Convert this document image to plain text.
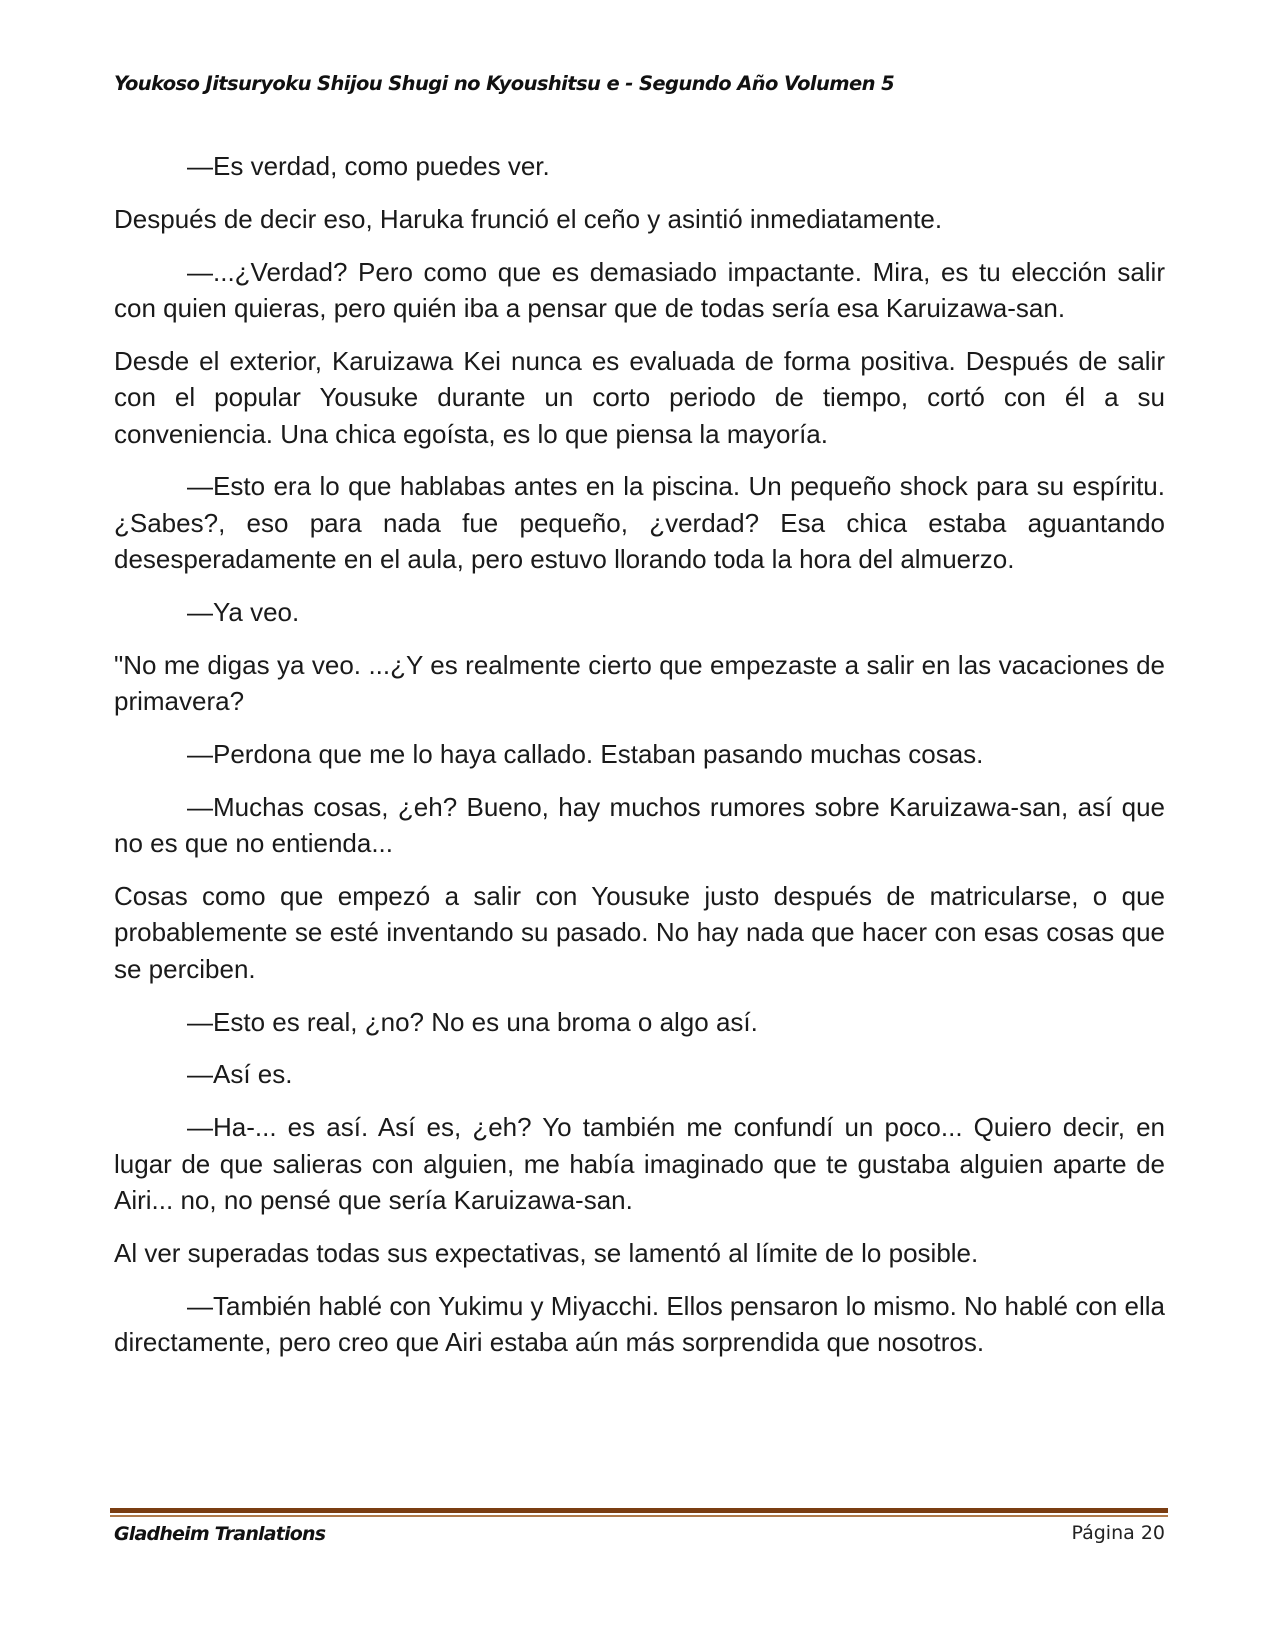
Youkoso Jitsuryoku Shijou Shugi no Kyoushitsu e - Segundo Año Volumen 5

—Es verdad, como puedes ver.

Después de decir eso, Haruka frunció el ceño y asintió inmediatamente.

—...¿Verdad? Pero como que es demasiado impactante. Mira, es tu elección salir con quien quieras, pero quién iba a pensar que de todas sería esa Karuizawa-san.

Desde el exterior, Karuizawa Kei nunca es evaluada de forma positiva. Después de salir con el popular Yousuke durante un corto periodo de tiempo, cortó con él a su conveniencia. Una chica egoísta, es lo que piensa la mayoría.

—Esto era lo que hablabas antes en la piscina. Un pequeño shock para su espíritu. ¿Sabes?, eso para nada fue pequeño, ¿verdad? Esa chica estaba aguantando desesperadamente en el aula, pero estuvo llorando toda la hora del almuerzo.

—Ya veo.

"No me digas ya veo. ...¿Y es realmente cierto que empezaste a salir en las vacaciones de primavera?

—Perdona que me lo haya callado. Estaban pasando muchas cosas.

—Muchas cosas, ¿eh? Bueno, hay muchos rumores sobre Karuizawa-san, así que no es que no entienda...

Cosas como que empezó a salir con Yousuke justo después de matricularse, o que probablemente se esté inventando su pasado. No hay nada que hacer con esas cosas que se perciben.

—Esto es real, ¿no? No es una broma o algo así.

—Así es.

—Ha-... es así. Así es, ¿eh? Yo también me confundí un poco... Quiero decir, en lugar de que salieras con alguien, me había imaginado que te gustaba alguien aparte de Airi... no, no pensé que sería Karuizawa-san.

Al ver superadas todas sus expectativas, se lamentó al límite de lo posible.

—También hablé con Yukimu y Miyacchi. Ellos pensaron lo mismo. No hablé con ella directamente, pero creo que Airi estaba aún más sorprendida que nosotros.

Gladheim Tranlations	Página 20
